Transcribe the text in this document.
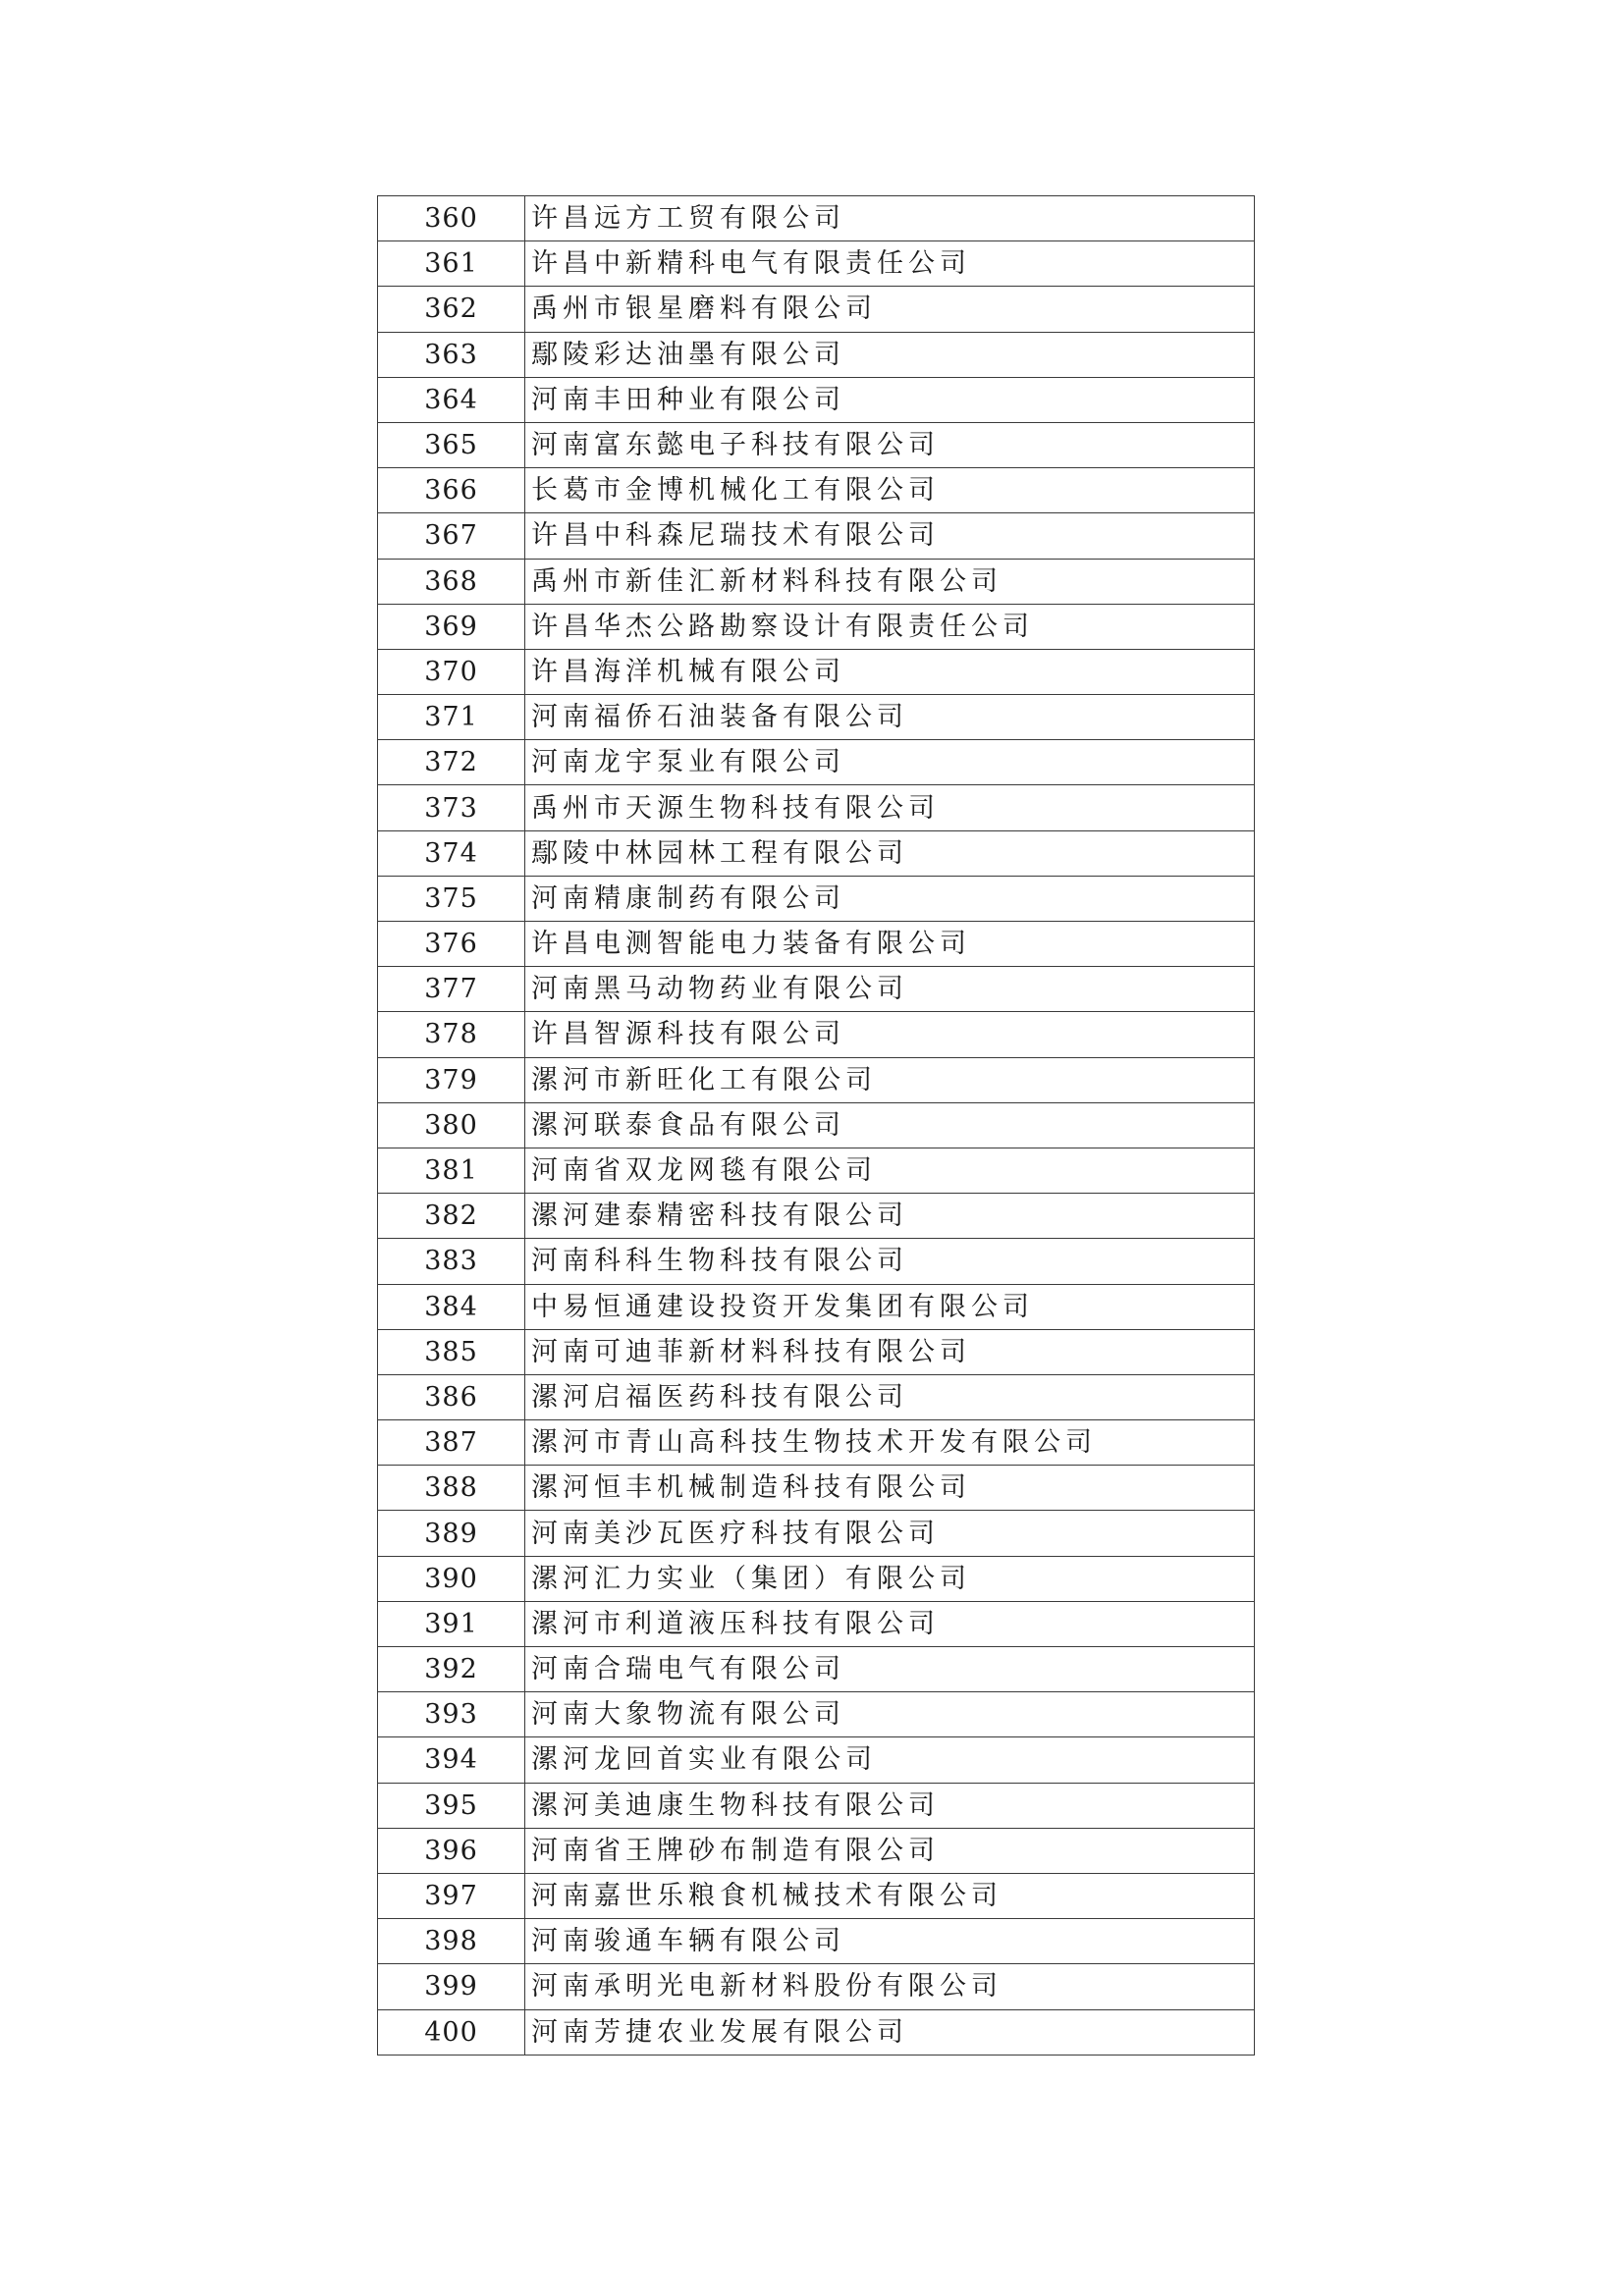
360	许昌远方工贸有限公司
361	许昌中新精科电气有限责任公司
362	禹州市银星磨料有限公司
363	鄢陵彩达油墨有限公司
364	河南丰田种业有限公司
365	河南富东懿电子科技有限公司
366	长葛市金博机械化工有限公司
367	许昌中科森尼瑞技术有限公司
368	禹州市新佳汇新材料科技有限公司
369	许昌华杰公路勘察设计有限责任公司
370	许昌海洋机械有限公司
371	河南福侨石油装备有限公司
372	河南龙宇泵业有限公司
373	禹州市天源生物科技有限公司
374	鄢陵中林园林工程有限公司
375	河南精康制药有限公司
376	许昌电测智能电力装备有限公司
377	河南黑马动物药业有限公司
378	许昌智源科技有限公司
379	漯河市新旺化工有限公司
380	漯河联泰食品有限公司
381	河南省双龙网毯有限公司
382	漯河建泰精密科技有限公司
383	河南科科生物科技有限公司
384	中易恒通建设投资开发集团有限公司
385	河南可迪菲新材料科技有限公司
386	漯河启福医药科技有限公司
387	漯河市青山高科技生物技术开发有限公司
388	漯河恒丰机械制造科技有限公司
389	河南美沙瓦医疗科技有限公司
390	漯河汇力实业（集团）有限公司
391	漯河市利道液压科技有限公司
392	河南合瑞电气有限公司
393	河南大象物流有限公司
394	漯河龙回首实业有限公司
395	漯河美迪康生物科技有限公司
396	河南省王牌砂布制造有限公司
397	河南嘉世乐粮食机械技术有限公司
398	河南骏通车辆有限公司
399	河南承明光电新材料股份有限公司
400	河南芳捷农业发展有限公司
